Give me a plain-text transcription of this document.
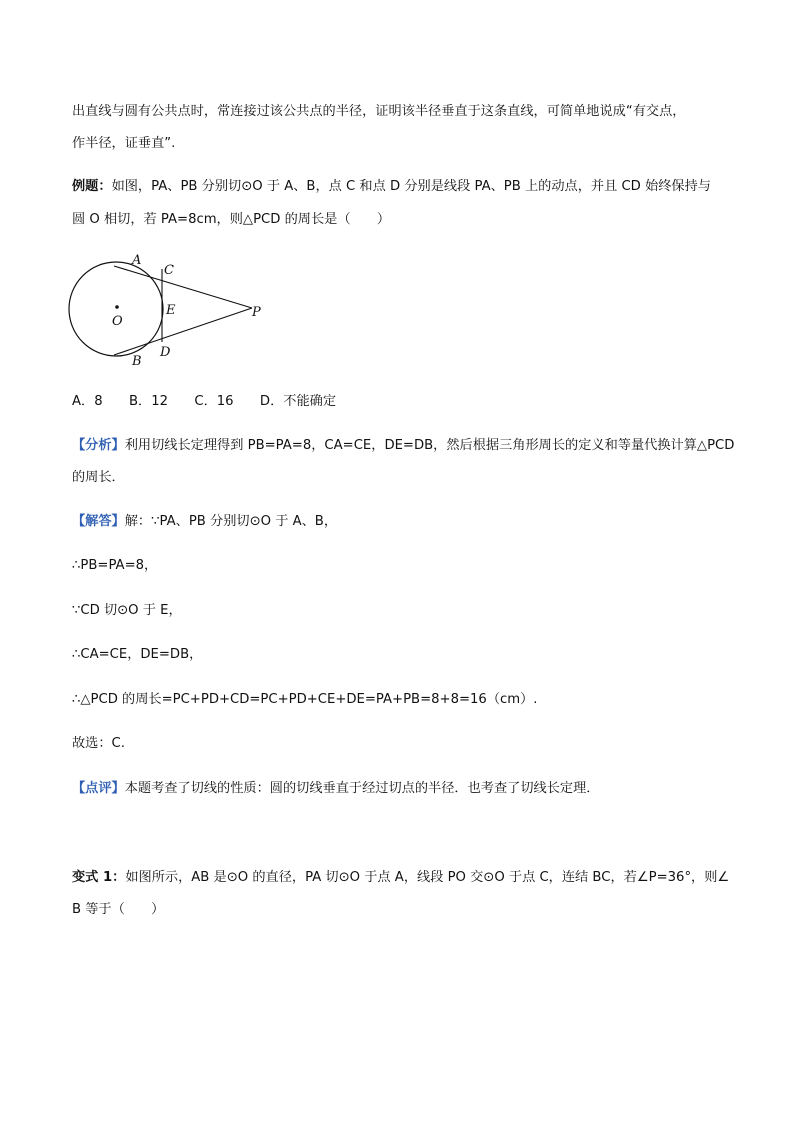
出直线与圆有公共点时，常连接过该公共点的半径，证明该半径垂直于这条直线，可简单地说成“有交点，
作半径，证垂直”.
例题：如图，PA、PB 分别切⊙O 于 A、B，点 C 和点 D 分别是线段 PA、PB 上的动点，并且 CD 始终保持与
圆 O 相切，若 PA=8cm，则△PCD 的周长是（　　）
A
C
E	P
O
D
B
A．8　　B．12　　C．16　　D．不能确定
【分析】利用切线长定理得到 PB=PA=8，CA=CE，DE=DB，然后根据三角形周长的定义和等量代换计算△PCD
的周长．
【解答】解：∵PA、PB 分别切⊙O 于 A、B，
∴PB=PA=8，
∵CD 切⊙O 于 E，
∴CA=CE，DE=DB，
∴△PCD 的周长=PC+PD+CD=PC+PD+CE+DE=PA+PB=8+8=16（cm）.
故选：C.
【点评】本题考查了切线的性质：圆的切线垂直于经过切点的半径．也考查了切线长定理．
变式 1：如图所示，AB 是⊙O 的直径，PA 切⊙O 于点 A，线段 PO 交⊙O 于点 C，连结 BC，若∠P=36°，则∠
B 等于（　　）
